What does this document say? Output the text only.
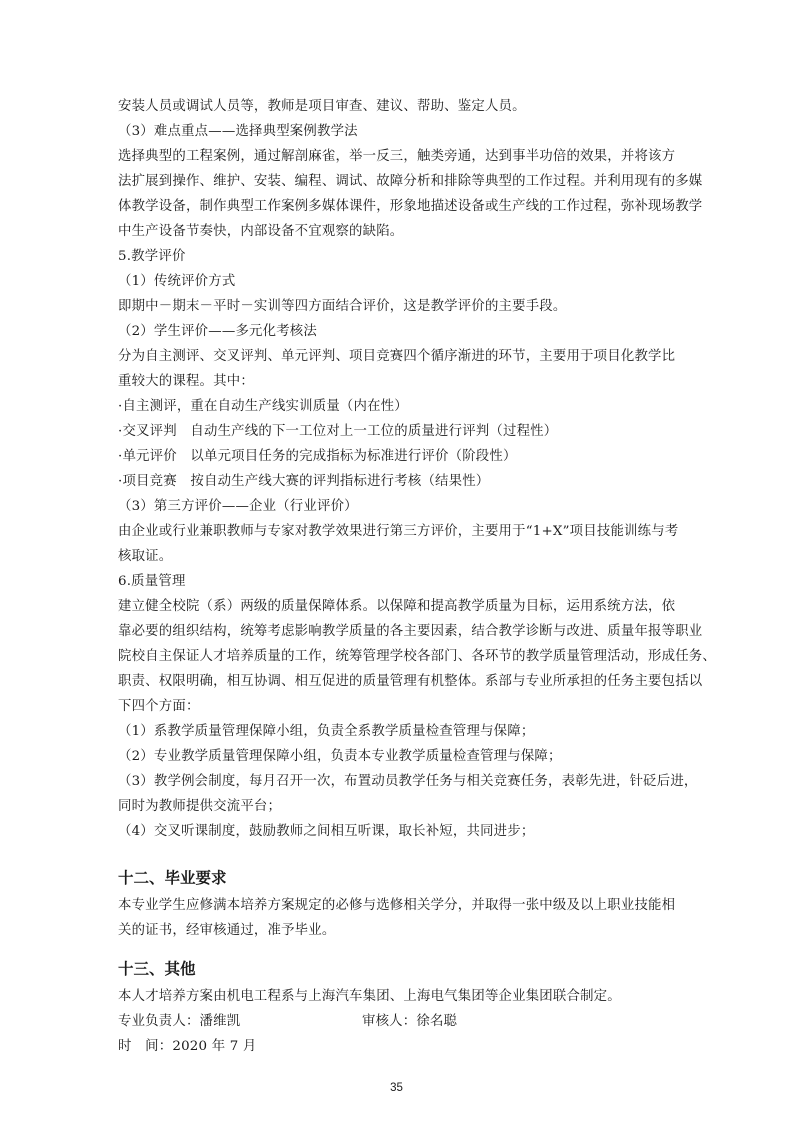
安装人员或调试人员等，教师是项目审查、建议、帮助、鉴定人员。

（3）难点重点——选择典型案例教学法

选择典型的工程案例，通过解剖麻雀，举一反三，触类旁通，达到事半功倍的效果，并将该方

法扩展到操作、维护、安装、编程、调试、故障分析和排除等典型的工作过程。并利用现有的多媒

体教学设备，制作典型工作案例多媒体课件，形象地描述设备或生产线的工作过程，弥补现场教学

中生产设备节奏快，内部设备不宜观察的缺陷。

5.教学评价

（1）传统评价方式

即期中－期末－平时－实训等四方面结合评价，这是教学评价的主要手段。

（2）学生评价——多元化考核法

分为自主测评、交叉评判、单元评判、项目竞赛四个循序渐进的环节，主要用于项目化教学比

重较大的课程。其中：

·自主测评，重在自动生产线实训质量（内在性）

·交叉评判　自动生产线的下一工位对上一工位的质量进行评判（过程性）

·单元评价　以单元项目任务的完成指标为标准进行评价（阶段性）

·项目竞赛　按自动生产线大赛的评判指标进行考核（结果性）

（3）第三方评价——企业（行业评价）

由企业或行业兼职教师与专家对教学效果进行第三方评价，主要用于“1+X”项目技能训练与考

核取证。

6.质量管理

建立健全校院（系）两级的质量保障体系。以保障和提高教学质量为目标，运用系统方法，依

靠必要的组织结构，统筹考虑影响教学质量的各主要因素，结合教学诊断与改进、质量年报等职业

院校自主保证人才培养质量的工作，统筹管理学校各部门、各环节的教学质量管理活动，形成任务、

职责、权限明确，相互协调、相互促进的质量管理有机整体。系部与专业所承担的任务主要包括以

下四个方面：

（1）系教学质量管理保障小组，负责全系教学质量检查管理与保障；

（2）专业教学质量管理保障小组，负责本专业教学质量检查管理与保障；

（3）教学例会制度，每月召开一次，布置动员教学任务与相关竞赛任务，表彰先进，针砭后进，

同时为教师提供交流平台；

（4）交叉听课制度，鼓励教师之间相互听课，取长补短，共同进步；

十二、毕业要求

本专业学生应修满本培养方案规定的必修与选修相关学分，并取得一张中级及以上职业技能相

关的证书，经审核通过，准予毕业。

十三、其他

本人才培养方案由机电工程系与上海汽车集团、上海电气集团等企业集团联合制定。

专业负责人：潘维凯	审核人：徐名聪

时　间：2020 年 7 月

35
